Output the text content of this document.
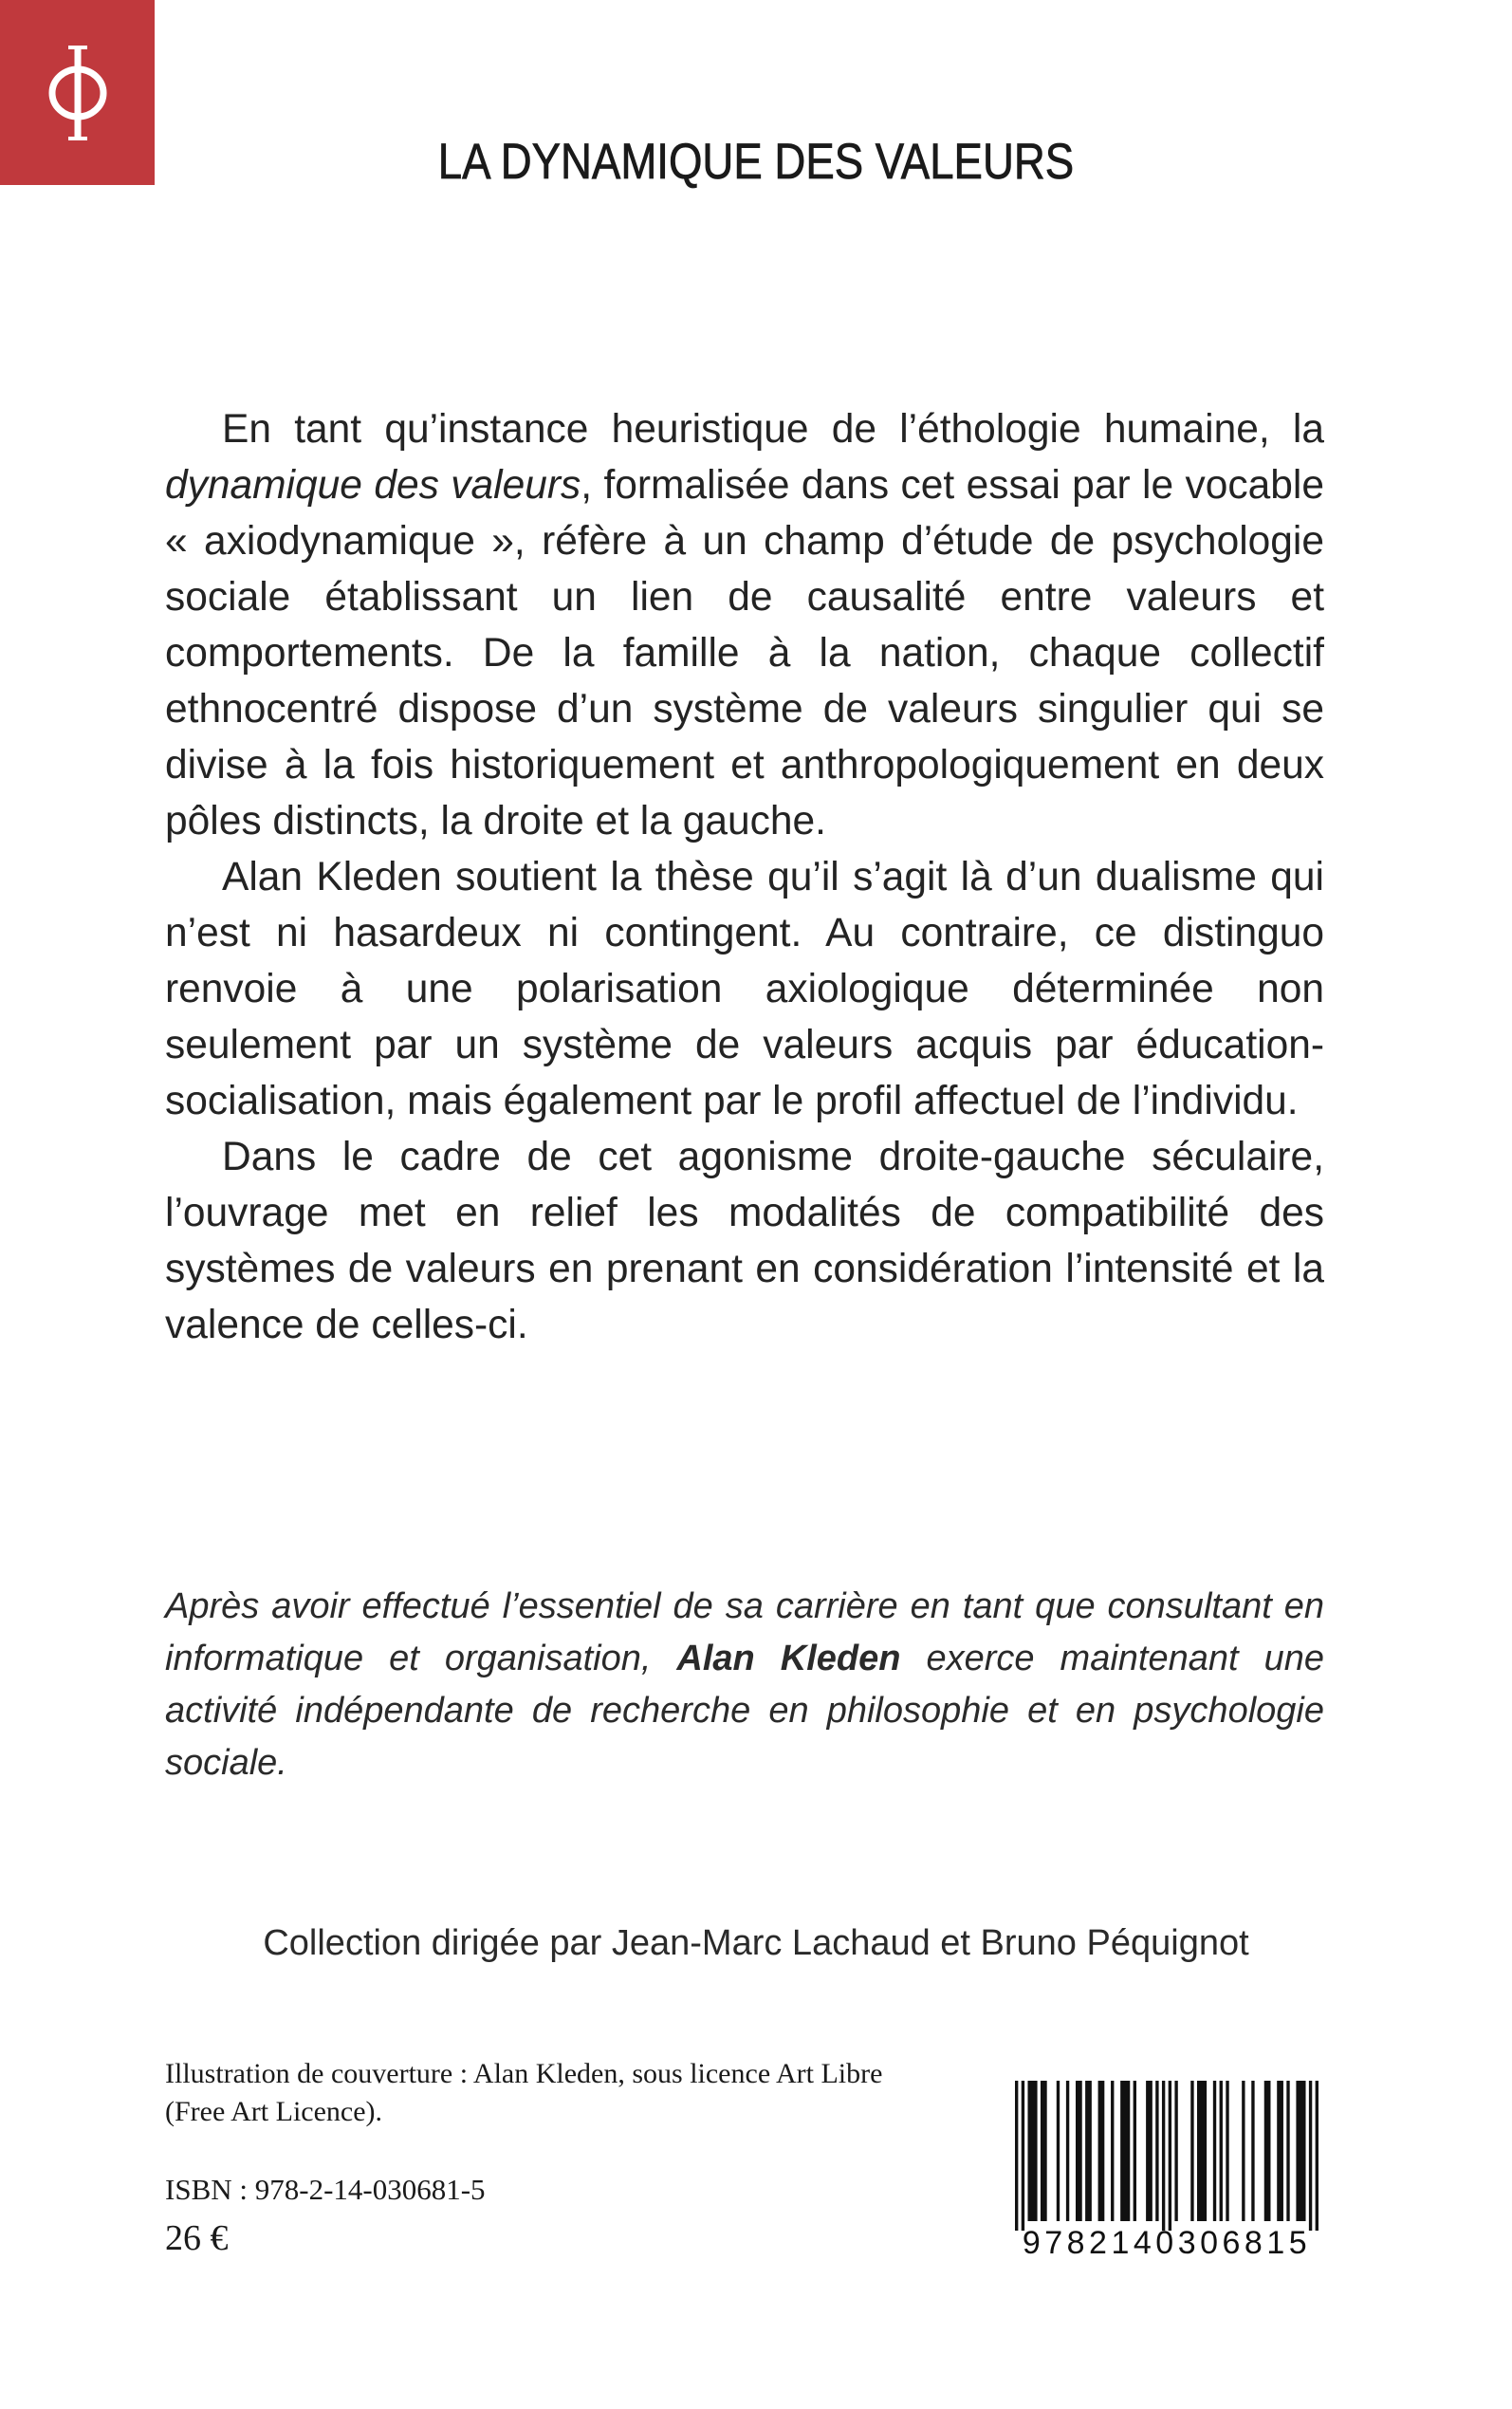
LA DYNAMIQUE DES VALEURS

En tant qu’instance heuristique de l’éthologie humaine, la dynamique des valeurs, formalisée dans cet essai par le vocable « axiodynamique », réfère à un champ d’étude de psychologie sociale établissant un lien de causalité entre valeurs et comportements. De la famille à la nation, chaque collectif ethnocentré dispose d’un système de valeurs singulier qui se divise à la fois historiquement et anthropologiquement en deux pôles distincts, la droite et la gauche.

Alan Kleden soutient la thèse qu’il s’agit là d’un dualisme qui n’est ni hasardeux ni contingent. Au contraire, ce distinguo renvoie à une polarisation axiologique déterminée non seulement par un système de valeurs acquis par éducation-socialisation, mais également par le profil affectuel de l’individu.

Dans le cadre de cet agonisme droite-gauche séculaire, l’ouvrage met en relief les modalités de compatibilité des systèmes de valeurs en prenant en considération l’intensité et la valence de celles-ci.

Après avoir effectué l’essentiel de sa carrière en tant que consultant en informatique et organisation, Alan Kleden exerce maintenant une activité indépendante de recherche en philosophie et en psychologie sociale.

Collection dirigée par Jean-Marc Lachaud et Bruno Péquignot

Illustration de couverture : Alan Kleden, sous licence Art Libre (Free Art Licence).

ISBN : 978-2-14-030681-5

26 €	9782140306815
